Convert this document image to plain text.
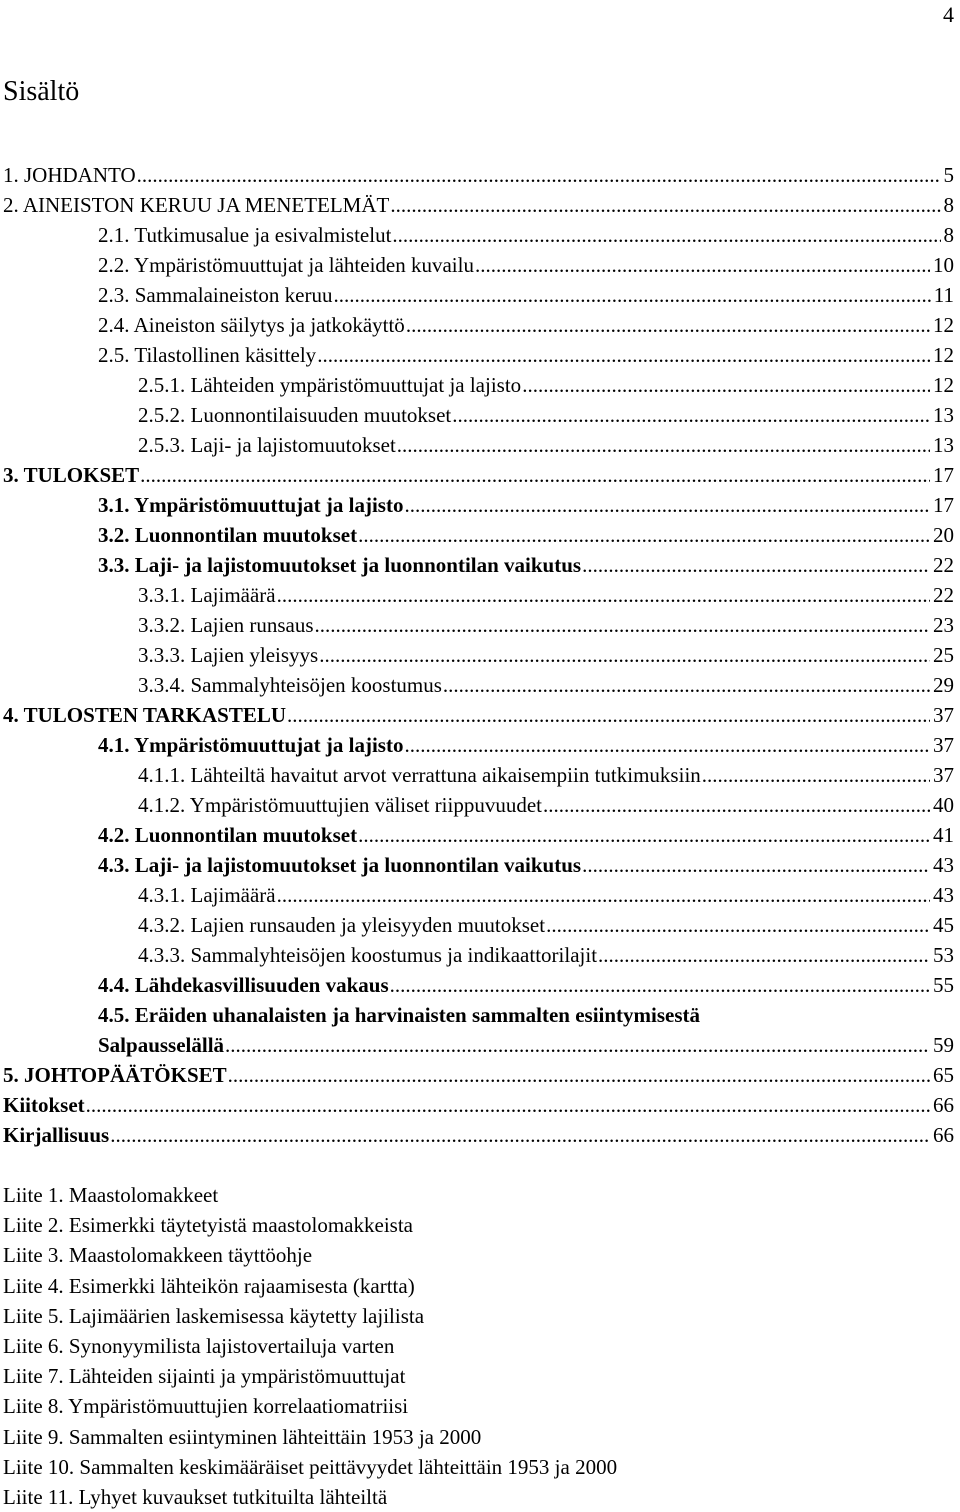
4
Sisältö
1. JOHDANTO .....	5
2. AINEISTON KERUU JA MENETELMÄT .....	8
2.1. Tutkimusalue ja esivalmistelut .....	8
2.2. Ympäristömuuttujat ja lähteiden kuvailu .....	10
2.3. Sammalaineiston keruu .....	11
2.4. Aineiston säilytys ja jatkokäyttö .....	12
2.5. Tilastollinen käsittely .....	12
2.5.1. Lähteiden ympäristömuuttujat ja lajisto .....	12
2.5.2. Luonnontilaisuuden muutokset .....	13
2.5.3. Laji- ja lajistomuutokset .....	13
3. TULOKSET .....	17
3.1. Ympäristömuuttujat ja lajisto .....	17
3.2. Luonnontilan muutokset .....	20
3.3. Laji- ja lajistomuutokset ja luonnontilan vaikutus .....	22
3.3.1. Lajimäärä .....	22
3.3.2. Lajien runsaus .....	23
3.3.3. Lajien yleisyys .....	25
3.3.4. Sammalyhteisöjen koostumus .....	29
4. TULOSTEN TARKASTELU .....	37
4.1. Ympäristömuuttujat ja lajisto .....	37
4.1.1. Lähteiltä havaitut arvot verrattuna aikaisempiin tutkimuksiin .....	37
4.1.2. Ympäristömuuttujien väliset riippuvuudet .....	40
4.2. Luonnontilan muutokset .....	41
4.3. Laji- ja lajistomuutokset ja luonnontilan vaikutus .....	43
4.3.1. Lajimäärä .....	43
4.3.2. Lajien runsauden ja yleisyyden muutokset .....	45
4.3.3. Sammalyhteisöjen koostumus ja indikaattorilajit .....	53
4.4. Lähdekasvillisuuden vakaus .....	55
4.5. Eräiden uhanalaisten ja harvinaisten sammalten esiintymisestä
Salpausselällä .....	59
5. JOHTOPÄÄTÖKSET .....	65
Kiitokset .....	66
Kirjallisuus .....	66
Liite 1. Maastolomakkeet
Liite 2. Esimerkki täytetyistä maastolomakkeista
Liite 3. Maastolomakkeen täyttöohje
Liite 4. Esimerkki lähteikön rajaamisesta (kartta)
Liite 5. Lajimäärien laskemisessa käytetty lajilista
Liite 6. Synonyymilista lajistovertailuja varten
Liite 7. Lähteiden sijainti ja ympäristömuuttujat
Liite 8. Ympäristömuuttujien korrelaatiomatriisi
Liite 9. Sammalten esiintyminen lähteittäin 1953 ja 2000
Liite 10. Sammalten keskimääräiset peittävyydet lähteittäin 1953 ja 2000
Liite 11. Lyhyet kuvaukset tutkituilta lähteiltä
